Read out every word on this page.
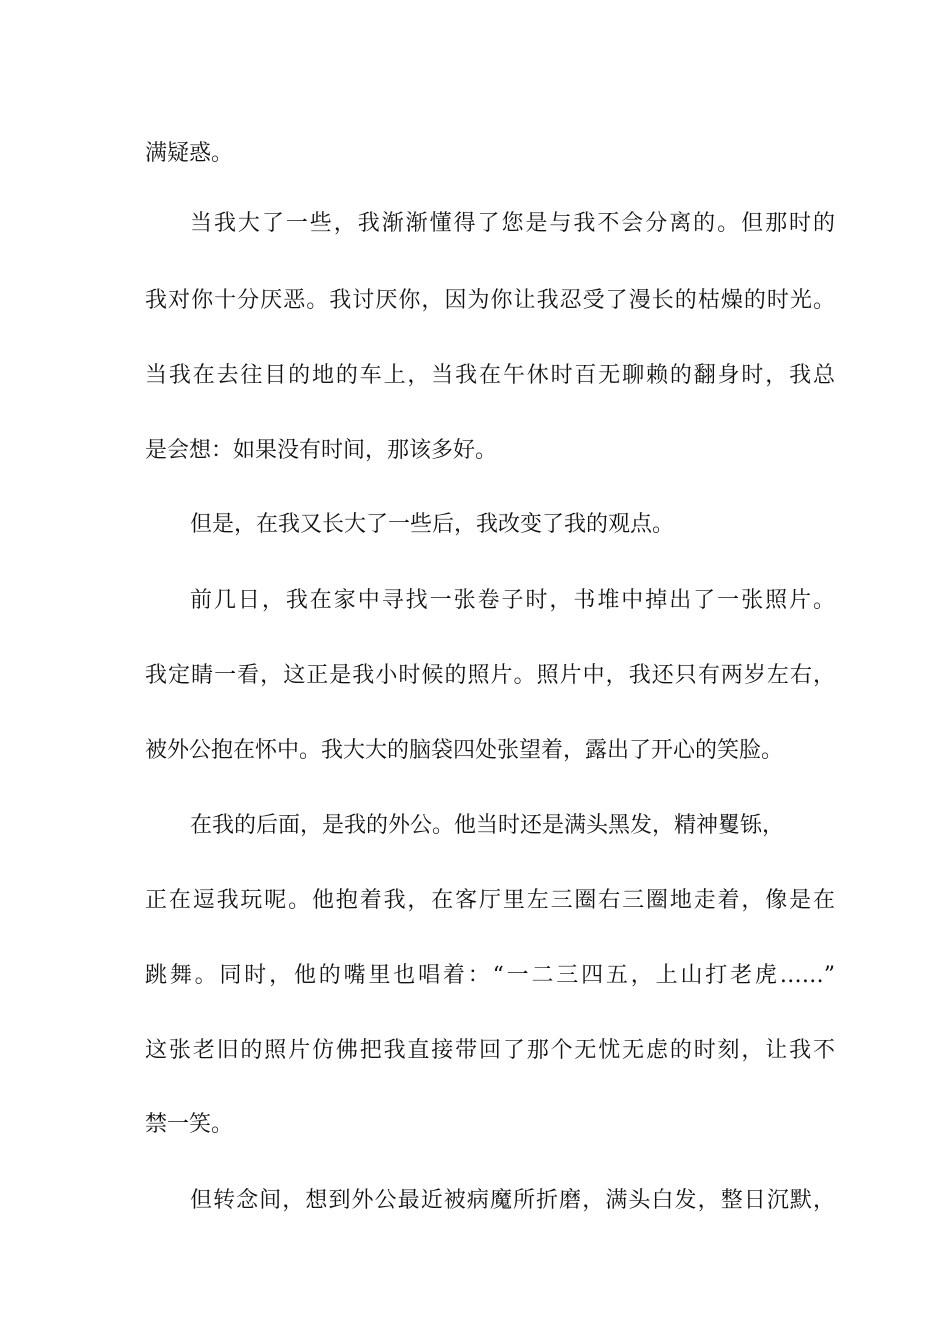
满疑惑。
当我大了一些，我渐渐懂得了您是与我不会分离的。但那时的
我对你十分厌恶。我讨厌你，因为你让我忍受了漫长的枯燥的时光。
当我在去往目的地的车上，当我在午休时百无聊赖的翻身时，我总
是会想：如果没有时间，那该多好。
但是，在我又长大了一些后，我改变了我的观点。
前几日，我在家中寻找一张卷子时，书堆中掉出了一张照片。
我定睛一看，这正是我小时候的照片。照片中，我还只有两岁左右，
被外公抱在怀中。我大大的脑袋四处张望着，露出了开心的笑脸。
在我的后面，是我的外公。他当时还是满头黑发，精神矍铄，
正在逗我玩呢。他抱着我，在客厅里左三圈右三圈地走着，像是在
跳舞。同时，他的嘴里也唱着：“一二三四五，上山打老虎……”
这张老旧的照片仿佛把我直接带回了那个无忧无虑的时刻，让我不
禁一笑。
但转念间，想到外公最近被病魔所折磨，满头白发，整日沉默，
